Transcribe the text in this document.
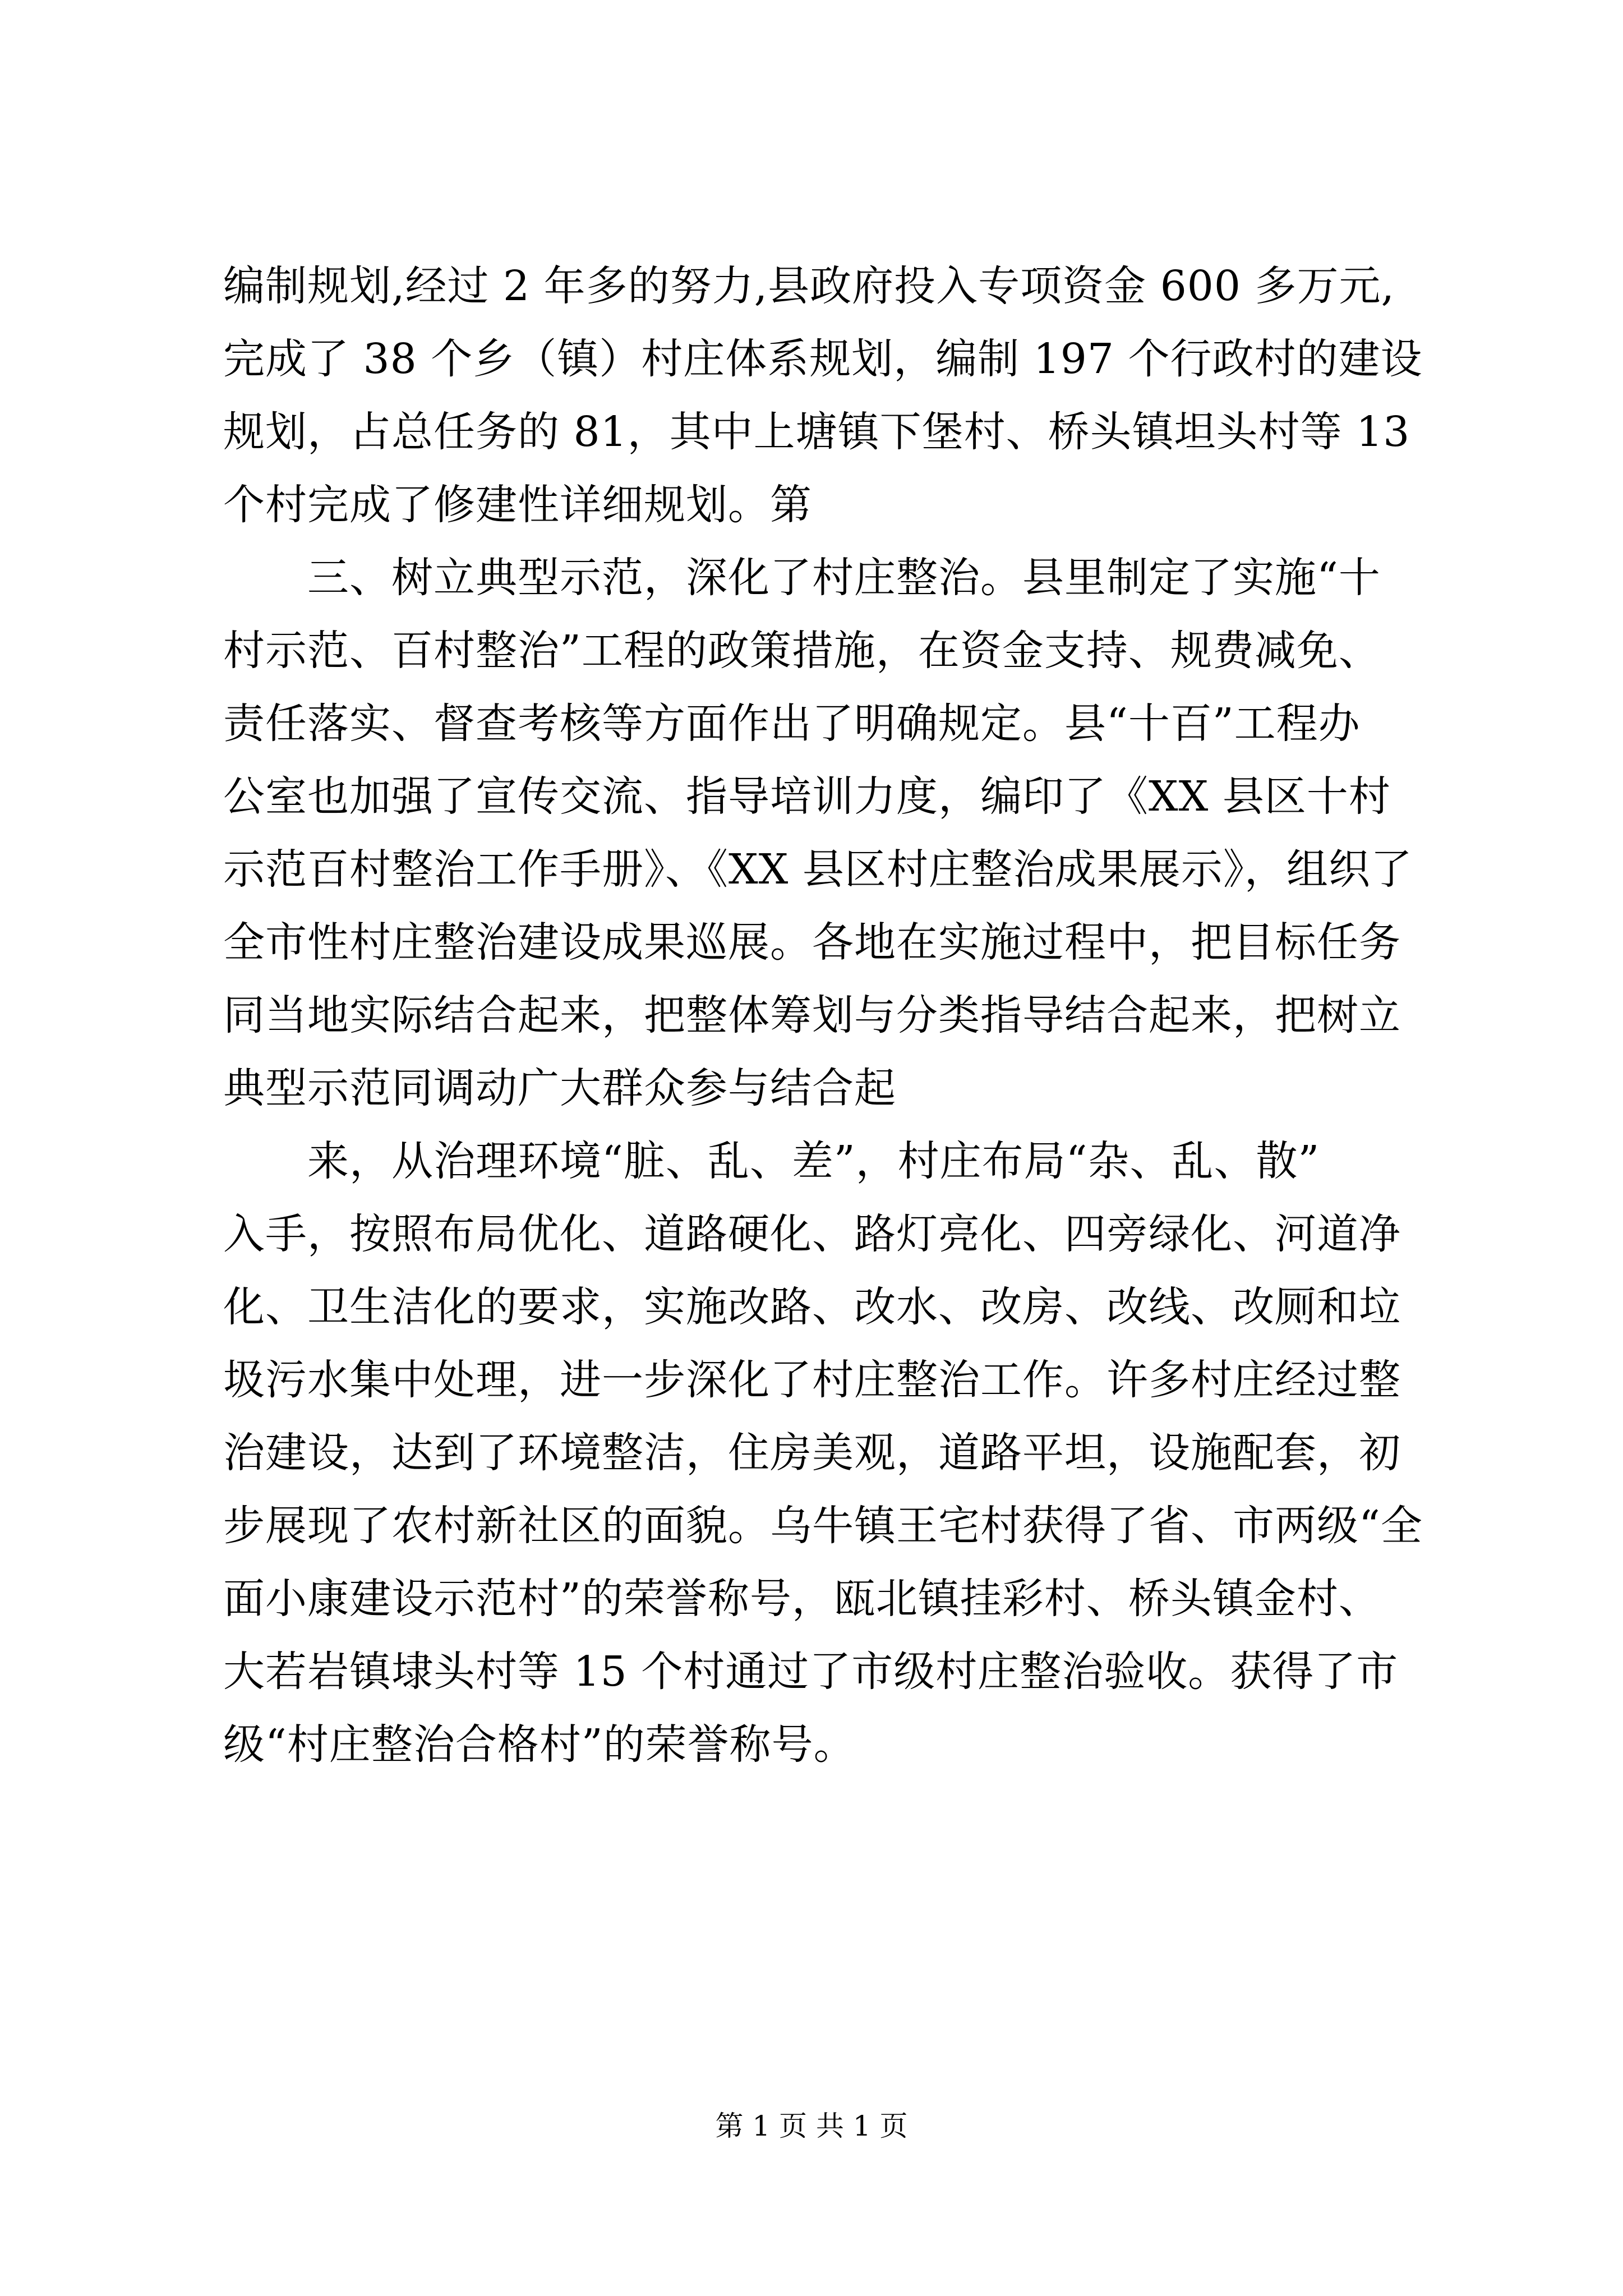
编制规划,经过 2 年多的努力,县政府投入专项资金 600 多万元,
完成了 38 个乡（镇）村庄体系规划，编制 197 个行政村的建设
规划，占总任务的 81，其中上塘镇下堡村、桥头镇坦头村等 13
个村完成了修建性详细规划。第
　　三、树立典型示范，深化了村庄整治。县里制定了实施“十
村示范、百村整治”工程的政策措施，在资金支持、规费减免、
责任落实、督查考核等方面作出了明确规定。县“十百”工程办
公室也加强了宣传交流、指导培训力度，编印了《XX 县区十村
示范百村整治工作手册》、《XX 县区村庄整治成果展示》，组织了
全市性村庄整治建设成果巡展。各地在实施过程中，把目标任务
同当地实际结合起来，把整体筹划与分类指导结合起来，把树立
典型示范同调动广大群众参与结合起
　　来，从治理环境“脏、乱、差”，村庄布局“杂、乱、散”
入手，按照布局优化、道路硬化、路灯亮化、四旁绿化、河道净
化、卫生洁化的要求，实施改路、改水、改房、改线、改厕和垃
圾污水集中处理，进一步深化了村庄整治工作。许多村庄经过整
治建设，达到了环境整洁，住房美观，道路平坦，设施配套，初
步展现了农村新社区的面貌。乌牛镇王宅村获得了省、市两级“全
面小康建设示范村”的荣誉称号，瓯北镇挂彩村、桥头镇金村、
大若岩镇埭头村等 15 个村通过了市级村庄整治验收。获得了市
级“村庄整治合格村”的荣誉称号。
第 1 页 共 1 页
